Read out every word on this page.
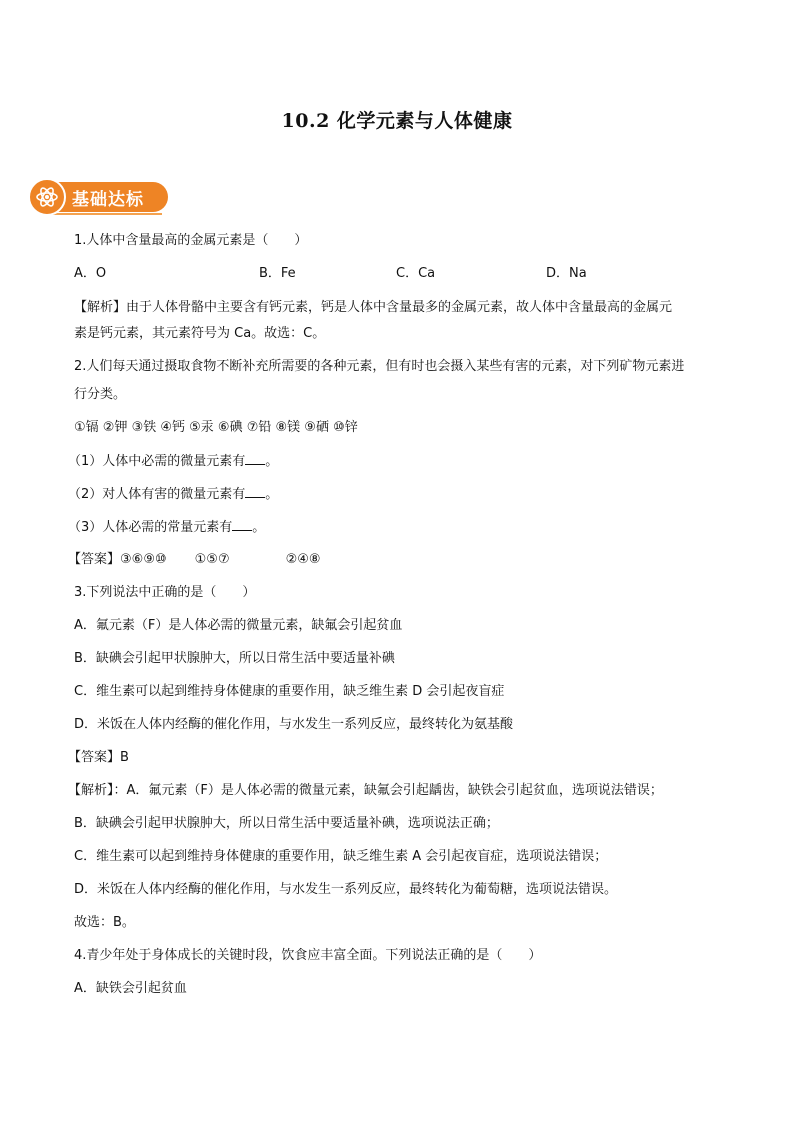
10.2 化学元素与人体健康
基础达标
1.人体中含量最高的金属元素是（　　）
A．O	B．Fe	C．Ca	D．Na
【解析】由于人体骨骼中主要含有钙元素，钙是人体中含量最多的金属元素，故人体中含量最高的金属元
素是钙元素，其元素符号为 Ca。故选：C。
2.人们每天通过摄取食物不断补充所需要的各种元素，但有时也会摄入某些有害的元素，对下列矿物元素进
行分类。
①镉 ②钾 ③铁 ④钙 ⑤汞 ⑥碘 ⑦铅 ⑧镁 ⑨硒 ⑩锌
（1）人体中必需的微量元素有 。
（2）对人体有害的微量元素有 。
（3）人体必需的常量元素有 。
【答案】③⑥⑨⑩ ①⑤⑦	②④⑧
3.下列说法中正确的是（　　）
A．氟元素（F）是人体必需的微量元素，缺氟会引起贫血
B．缺碘会引起甲状腺肿大，所以日常生活中要适量补碘
C．维生素可以起到维持身体健康的重要作用，缺乏维生素 D 会引起夜盲症
D．米饭在人体内经酶的催化作用，与水发生一系列反应，最终转化为氨基酸
【答案】B
【解析】：A．氟元素（F）是人体必需的微量元素，缺氟会引起龋齿，缺铁会引起贫血，选项说法错误；
B．缺碘会引起甲状腺肿大，所以日常生活中要适量补碘，选项说法正确；
C．维生素可以起到维持身体健康的重要作用，缺乏维生素 A 会引起夜盲症，选项说法错误；
D．米饭在人体内经酶的催化作用，与水发生一系列反应，最终转化为葡萄糖，选项说法错误。
故选：B。
4.青少年处于身体成长的关键时段，饮食应丰富全面。下列说法正确的是（　　）
A．缺铁会引起贫血
